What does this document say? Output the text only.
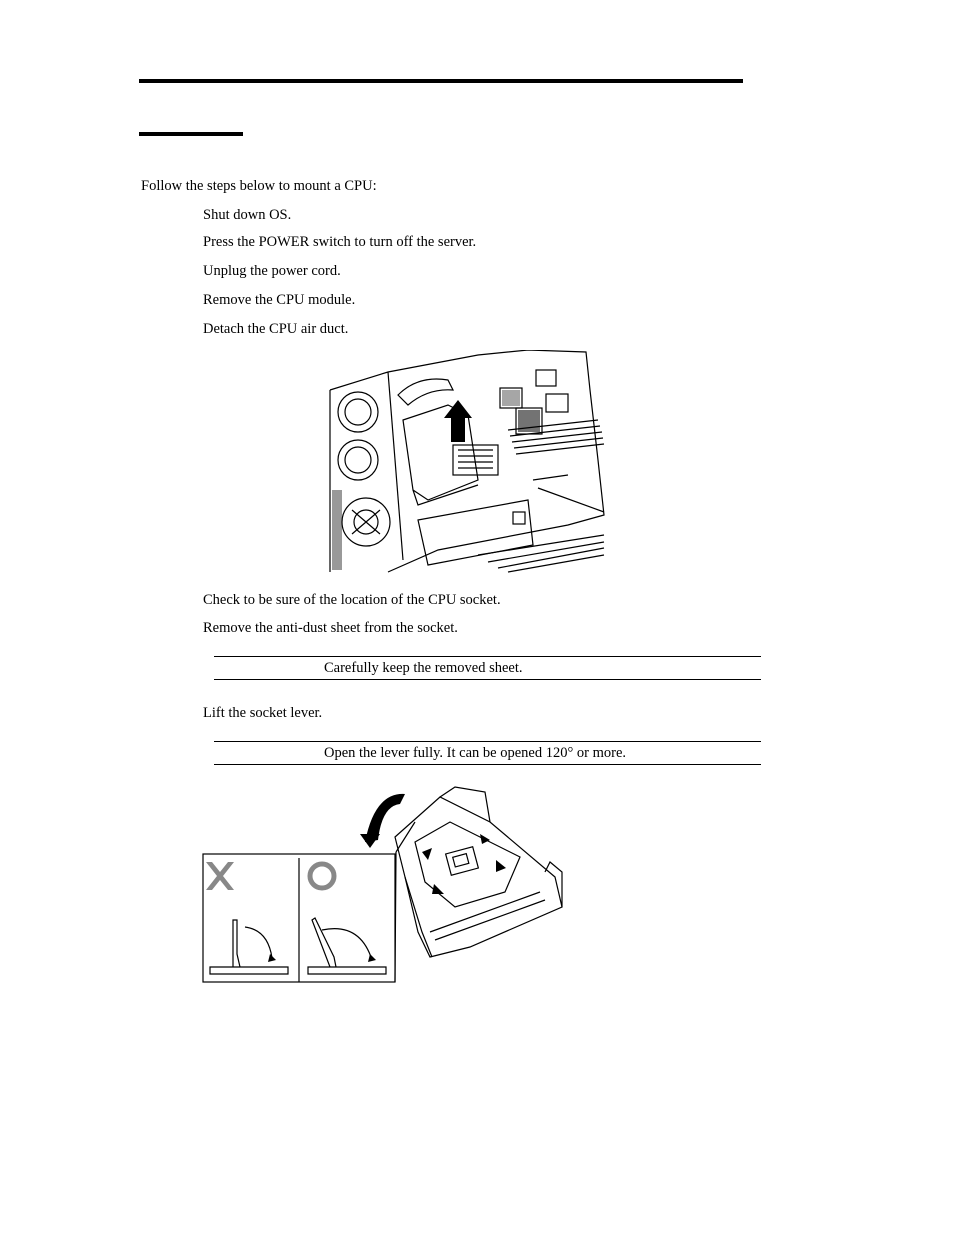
Follow the steps below to mount a CPU:
Shut down OS.
Press the POWER switch to turn off the server.
Unplug the power cord.
Remove the CPU module.
Detach the CPU air duct.
Check to be sure of the location of the CPU socket.
Remove the anti-dust sheet from the socket.
Carefully keep the removed sheet.
Lift the socket lever.
Open the lever fully. It can be opened 120° or more.
